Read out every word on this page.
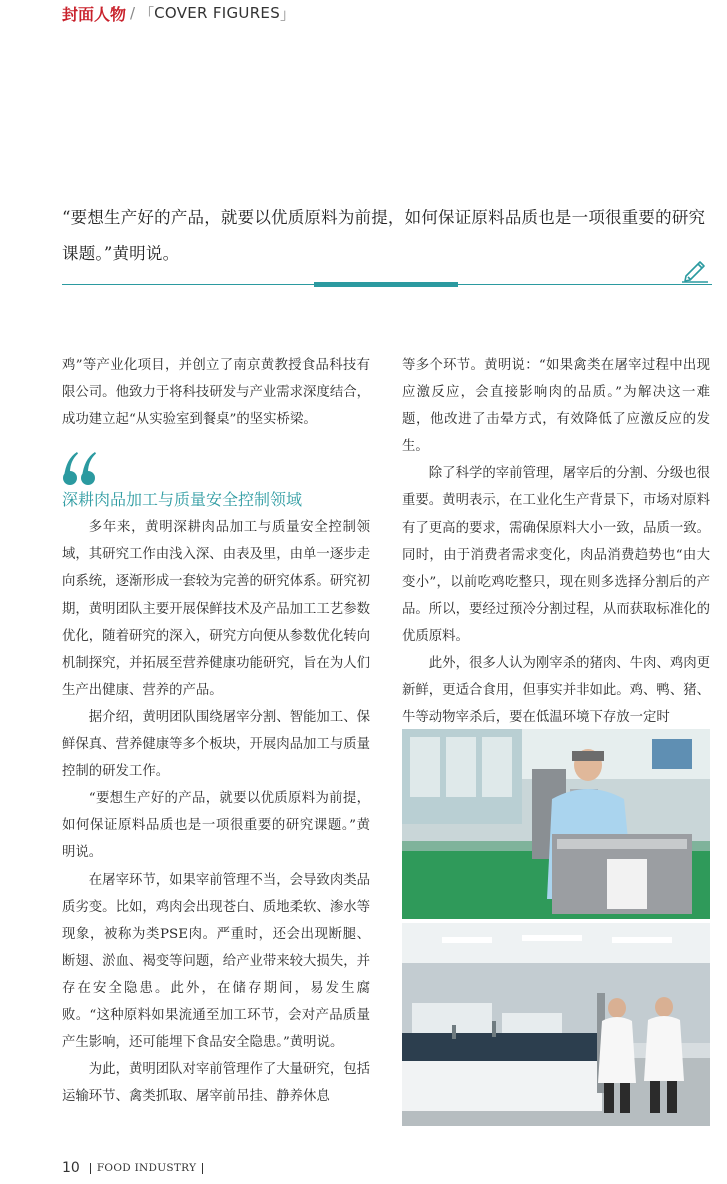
封面人物 / 「 COVER FIGURES 」
“要想生产好的产品，就要以优质原料为前提，如何保证原料品质也是一项很重要的研究课题。”黄明说。

鸡”等产业化项目，并创立了南京黄教授食品科技有限公司。他致力于将科技研发与产业需求深度结合，成功建立起“从实验室到餐桌”的坚实桥梁。

深耕肉品加工与质量安全控制领域

多年来，黄明深耕肉品加工与质量安全控制领域，其研究工作由浅入深、由表及里，由单一逐步走向系统，逐渐形成一套较为完善的研究体系。研究初期，黄明团队主要开展保鲜技术及产品加工工艺参数优化，随着研究的深入，研究方向便从参数优化转向机制探究，并拓展至营养健康功能研究，旨在为人们生产出健康、营养的产品。

据介绍，黄明团队围绕屠宰分割、智能加工、保鲜保真、营养健康等多个板块，开展肉品加工与质量控制的研发工作。

“要想生产好的产品，就要以优质原料为前提，如何保证原料品质也是一项很重要的研究课题。”黄明说。

在屠宰环节，如果宰前管理不当，会导致肉类品质劣变。比如，鸡肉会出现苍白、质地柔软、渗水等现象，被称为类PSE肉。严重时，还会出现断腿、断翅、淤血、褐变等问题，给产业带来较大损失，并存在安全隐患。此外，在储存期间，易发生腐败。“这种原料如果流通至加工环节，会对产品质量产生影响，还可能埋下食品安全隐患。”黄明说。

为此，黄明团队对宰前管理作了大量研究，包括运输环节、禽类抓取、屠宰前吊挂、静养休息

等多个环节。黄明说：“如果禽类在屠宰过程中出现应激反应，会直接影响肉的品质。”为解决这一难题，他改进了击晕方式，有效降低了应激反应的发生。

除了科学的宰前管理，屠宰后的分割、分级也很重要。黄明表示，在工业化生产背景下，市场对原料有了更高的要求，需确保原料大小一致，品质一致。同时，由于消费者需求变化，肉品消费趋势也“由大变小”，以前吃鸡吃整只，现在则多选择分割后的产品。所以，要经过预冷分割过程，从而获取标准化的优质原料。

此外，很多人认为刚宰杀的猪肉、牛肉、鸡肉更新鲜，更适合食用，但事实并非如此。鸡、鸭、猪、牛等动物宰杀后，要在低温环境下存放一定时

10 FOOD INDUSTRY
